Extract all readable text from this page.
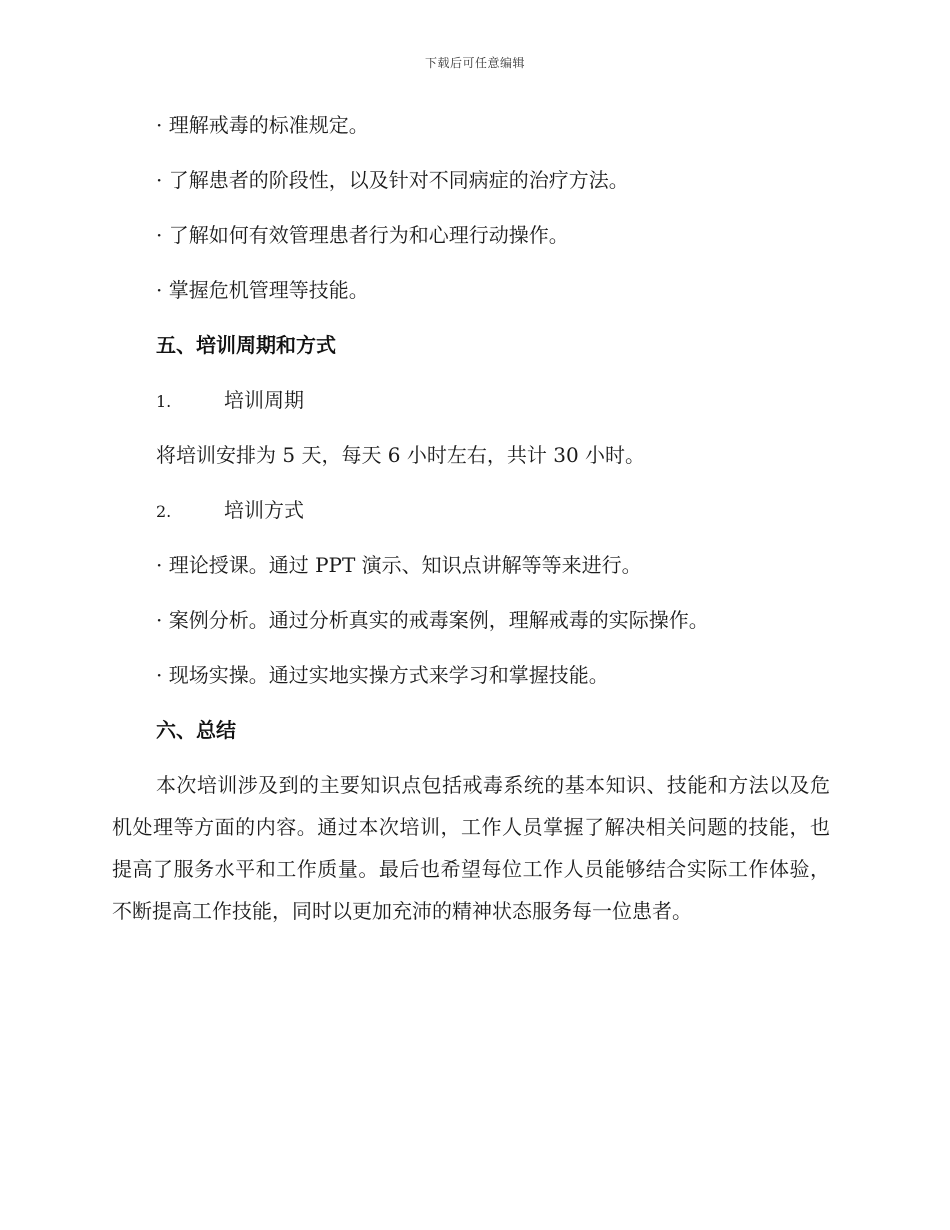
下载后可任意编辑
· 理解戒毒的标准规定。
· 了解患者的阶段性，以及针对不同病症的治疗方法。
· 了解如何有效管理患者行为和心理行动操作。
· 掌握危机管理等技能。
五、培训周期和方式
1.	培训周期
将培训安排为 5 天，每天 6 小时左右，共计 30 小时。
2.	培训方式
· 理论授课。通过 PPT 演示、知识点讲解等等来进行。
· 案例分析。通过分析真实的戒毒案例，理解戒毒的实际操作。
· 现场实操。通过实地实操方式来学习和掌握技能。
六、总结

本次培训涉及到的主要知识点包括戒毒系统的基本知识、技能和方法以及危机处理等方面的内容。通过本次培训，工作人员掌握了解决相关问题的技能，也提高了服务水平和工作质量。最后也希望每位工作人员能够结合实际工作体验，不断提高工作技能，同时以更加充沛的精神状态服务每一位患者。
